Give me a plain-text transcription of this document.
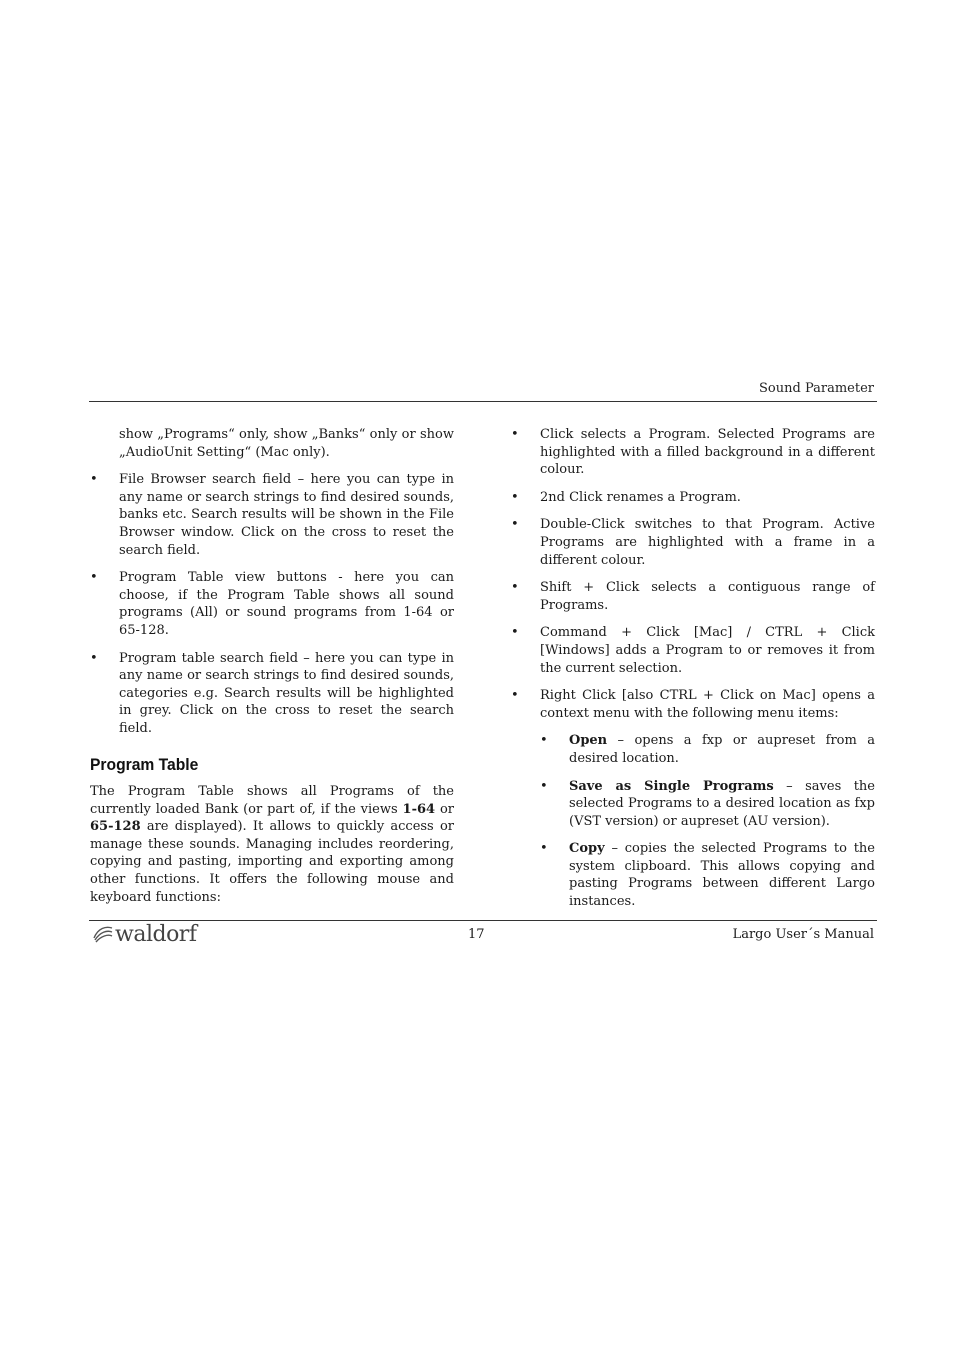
Sound Parameter

show „Programs“ only, show „Banks“ only or show „AudioUnit Setting“ (Mac only).

• File Browser search field – here you can type in any name or search strings to find desired sounds, banks etc. Search results will be shown in the File Browser window. Click on the cross to reset the search field.
• Program Table view buttons - here you can choose, if the Program Table shows all sound programs (All) or sound programs from 1-64 or 65-128.
• Program table search field – here you can type in any name or search strings to find desired sounds, categories e.g. Search results will be highlighted in grey. Click on the cross to reset the search field.
Program Table

The Program Table shows all Programs of the currently loaded Bank (or part of, if the views 1-64 or 65-128 are displayed). It allows to quickly access or manage these sounds. Managing includes reordering, copying and pasting, importing and exporting among other functions. It offers the following mouse and keyboard functions:

• Click selects a Program. Selected Programs are highlighted with a filled background in a different colour.
• 2nd Click renames a Program.
• Double-Click switches to that Program. Active Programs are highlighted with a frame in a different colour.
• Shift + Click selects a contiguous range of Programs.
• Command + Click [Mac] / CTRL + Click [Windows] adds a Program to or removes it from the current selection.
• Right Click [also CTRL + Click on Mac] opens a context menu with the following menu items:
• Open – opens a fxp or aupreset from a desired location.
• Save as Single Programs – saves the selected Programs to a desired location as fxp (VST version) or aupreset (AU version).
• Copy – copies the selected Programs to the system clipboard. This allows copying and pasting Programs between different Largo instances.
waldorf	17	Largo User´s Manual
